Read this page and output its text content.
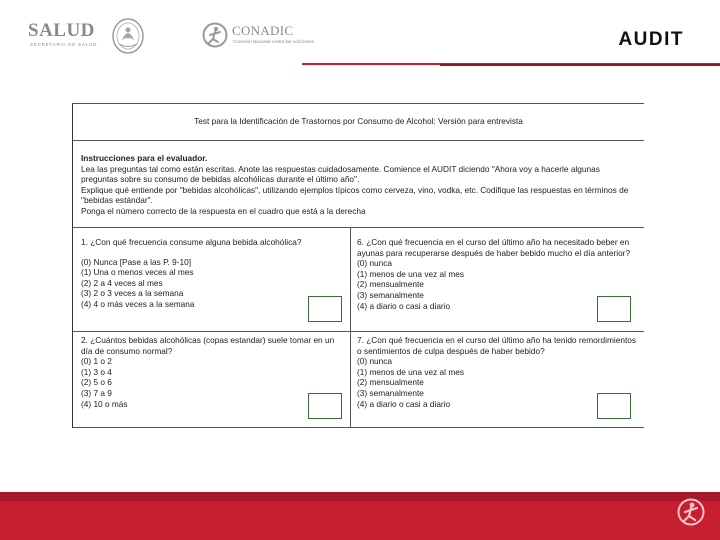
SALUD
SECRETARÍA DE SALUD
CONADIC
Comisión Nacional contra las Adicciones	AUDIT
Test para la Identificación de Trastornos por Consumo de Alcohol: Versión para entrevista

Instrucciones para el evaluador.

Lea las preguntas tal como están escritas. Anote las respuestas cuidadosamente. Comience el AUDIT diciendo "Ahora voy a hacerle algunas

preguntas sobre su consumo de bebidas alcohólicas durante el último año".

Explique qué entiende por "bebidas alcohólicas", utilizando ejemplos típicos como cerveza, vino, vodka, etc. Codifique las respuestas en términos de

"bebidas estándar".

Ponga el número correcto de la respuesta en el cuadro que está a la derecha

1. ¿Con qué frecuencia consume alguna bebida alcohólica?

(0) Nunca [Pase a las P. 9-10]

(1) Una o menos veces al mes

(2) 2 a 4 veces al mes

(3) 2 o 3 veces a la semana

(4) 4 o más veces a la semana

6. ¿Con qué frecuencia en el curso del último año ha necesitado beber en ayunas para recuperarse después de haber bebido mucho el día anterior?

(0) nunca

(1) menos de una vez al mes

(2) mensualmente

(3) semanalmente

(4) a diario o casi a diario

2. ¿Cuántos bebidas alcohólicas (copas estandar) suele tomar en un día de consumo normal?

(0) 1 o 2

(1) 3 o 4

(2) 5 o 6

(3) 7 a 9

(4) 10 o más

7. ¿Con qué frecuencia en el curso del último año ha tenido remordimientos o sentimientos de culpa después de haber bebido?

(0) nunca

(1) menos de una vez al mes

(2) mensualmente

(3) semanalmente

(4) a diario o casi a diario
